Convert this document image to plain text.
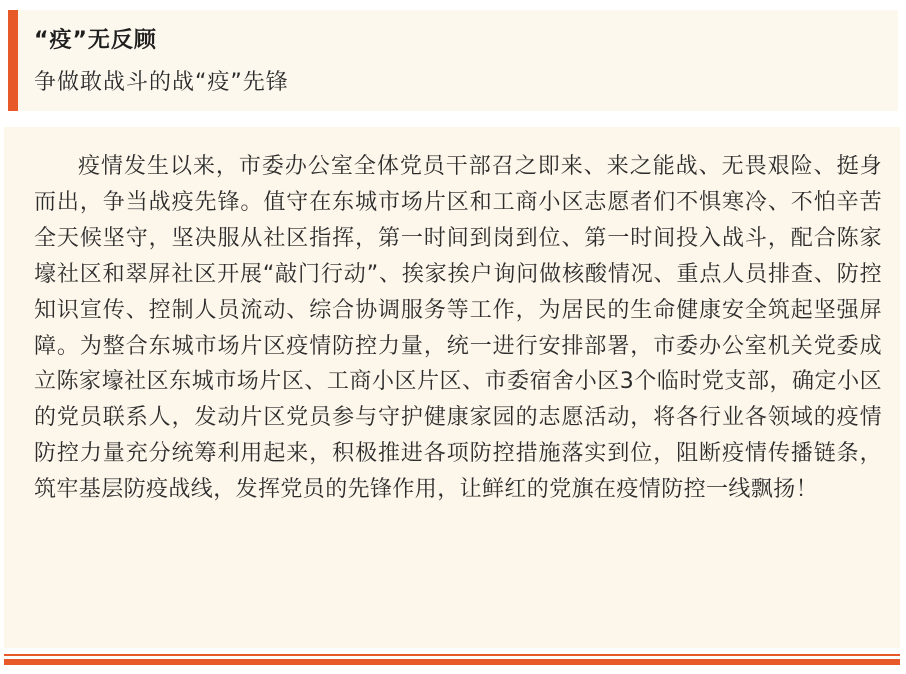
“疫”无反顾
争做敢战斗的战“疫”先锋

疫情发生以来，市委办公室全体党员干部召之即来、来之能战、无畏艰险、挺身而出，争当战疫先锋。值守在东城市场片区和工商小区志愿者们不惧寒冷、不怕辛苦全天候坚守，坚决服从社区指挥，第一时间到岗到位、第一时间投入战斗，配合陈家壕社区和翠屏社区开展“敲门行动”、挨家挨户询问做核酸情况、重点人员排查、防控知识宣传、控制人员流动、综合协调服务等工作，为居民的生命健康安全筑起坚强屏障。为整合东城市场片区疫情防控力量，统一进行安排部署，市委办公室机关党委成立陈家壕社区东城市场片区、工商小区片区、市委宿舍小区3个临时党支部，确定小区的党员联系人，发动片区党员参与守护健康家园的志愿活动，将各行业各领域的疫情防控力量充分统筹利用起来，积极推进各项防控措施落实到位，阻断疫情传播链条，筑牢基层防疫战线，发挥党员的先锋作用，让鲜红的党旗在疫情防控一线飘扬！
